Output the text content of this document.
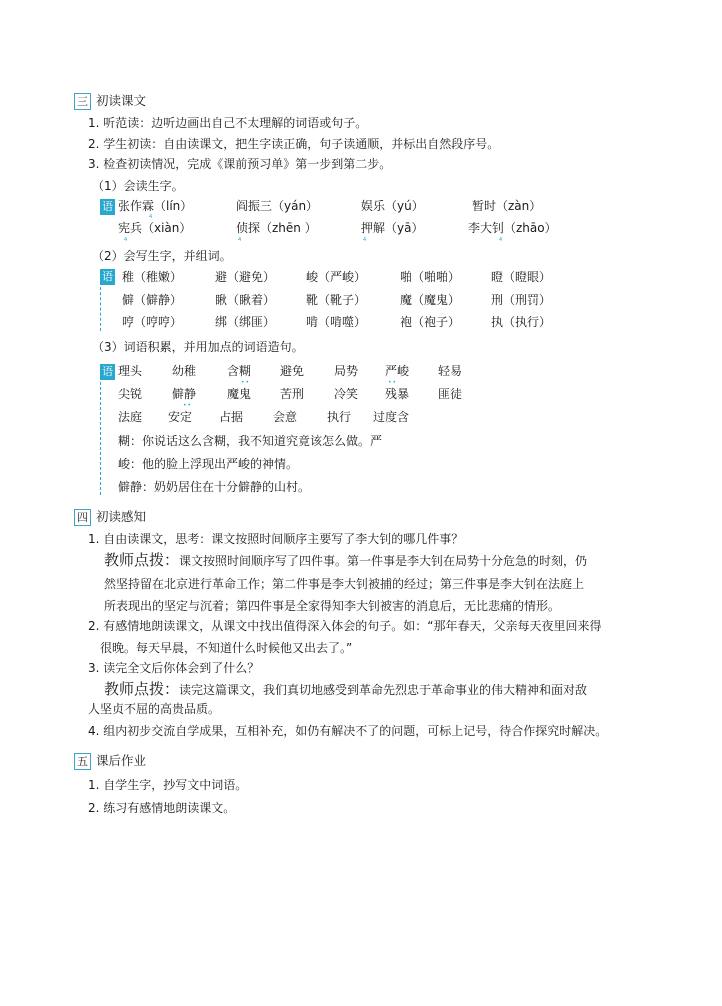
三 初读课文
1. 听范读：边听边画出自己不太理解的词语或句子。
2. 学生初读：自由读课文，把生字读正确，句子读通顺，并标出自然段序号。
3. 检查初读情况，完成《课前预习单》第一步到第二步。
（1）会读生字。
语 张作霖（lín）	阎振三（yán）	娱乐（yú）	暂时（zàn）
宪兵（xiàn）	侦探（zhēn ）	押解（yā）	李大钊（zhāo）
4
4	4	4	4
（2）会写生字，并组词。
语 稚（稚嫩）	避（避免）	峻（严峻）	啪（啪啪）	瞪（瞪眼）
僻（僻静）	瞅（瞅着）	靴（靴子）	魔（魔鬼）	刑（刑罚）
哼（哼哼）	绑（绑匪）	啃（啃噬）	袍（袍子）	执（执行）
（3）词语积累，并用加点的词语造句。
语 理头 幼稚	含糊 避免 局势 严峻 轻易
••	••
尖锐 僻静	魔鬼 苦刑 冷笑 残暴 匪徒
••
法庭 安定 占据 会意 执行 过度含
糊：你说话这么含糊，我不知道究竟该怎么做。严
峻：他的脸上浮现出严峻的神情。
僻静：奶奶居住在十分僻静的山村。
四 初读感知
1. 自由读课文，思考：课文按照时间顺序主要写了李大钊的哪几件事？
教师点拨：课文按照时间顺序写了四件事。第一件事是李大钊在局势十分危急的时刻，仍
然坚持留在北京进行革命工作；第二件事是李大钊被捕的经过；第三件事是李大钊在法庭上
所表现出的坚定与沉着；第四件事是全家得知李大钊被害的消息后，无比悲痛的情形。
2. 有感情地朗读课文，从课文中找出值得深入体会的句子。如：“那年春天，父亲每天夜里回来得
很晚。每天早晨，不知道什么时候他又出去了。”
3. 读完全文后你体会到了什么？
教师点拨：读完这篇课文，我们真切地感受到革命先烈忠于革命事业的伟大精神和面对敌
人坚贞不屈的高贵品质。
4. 组内初步交流自学成果，互相补充，如仍有解决不了的问题，可标上记号，待合作探究时解决。
五 课后作业
1. 自学生字，抄写文中词语。
2. 练习有感情地朗读课文。
